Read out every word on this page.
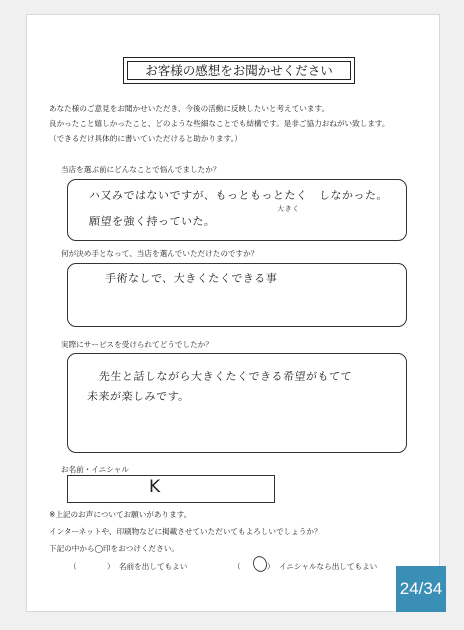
お客様の感想をお聞かせください
あなた様のご意見をお聞かせいただき、今後の活動に反映したいと考えています。
良かったこと嬉しかったこと、どのような些細なことでも結構です。是非ご協力おねがい致します。
（できるだけ具体的に書いていただけると助かります。）
当店を選ぶ前にどんなことで悩んでましたか？
ハ又みではないですが、もっともっとたく　しなかった。
大きく
願望を強く持っていた。
何が決め手となって、当店を選んでいただけたのですか？
手術なしで、大きくたくできる事
実際にサービスを受けられてどうでしたか？
先生と話しながら大きくたくできる希望がもてて
未来が楽しみです。
お名前・イニシャル
K
※上記のお声についてお願いがあります。
インターネットや、印刷物などに掲載させていただいてもよろしいでしょうか？
下記の中から◯印をおつけください。
（	） 名前を出してもよい	（	） イニシャルなら出してもよい
24/34
